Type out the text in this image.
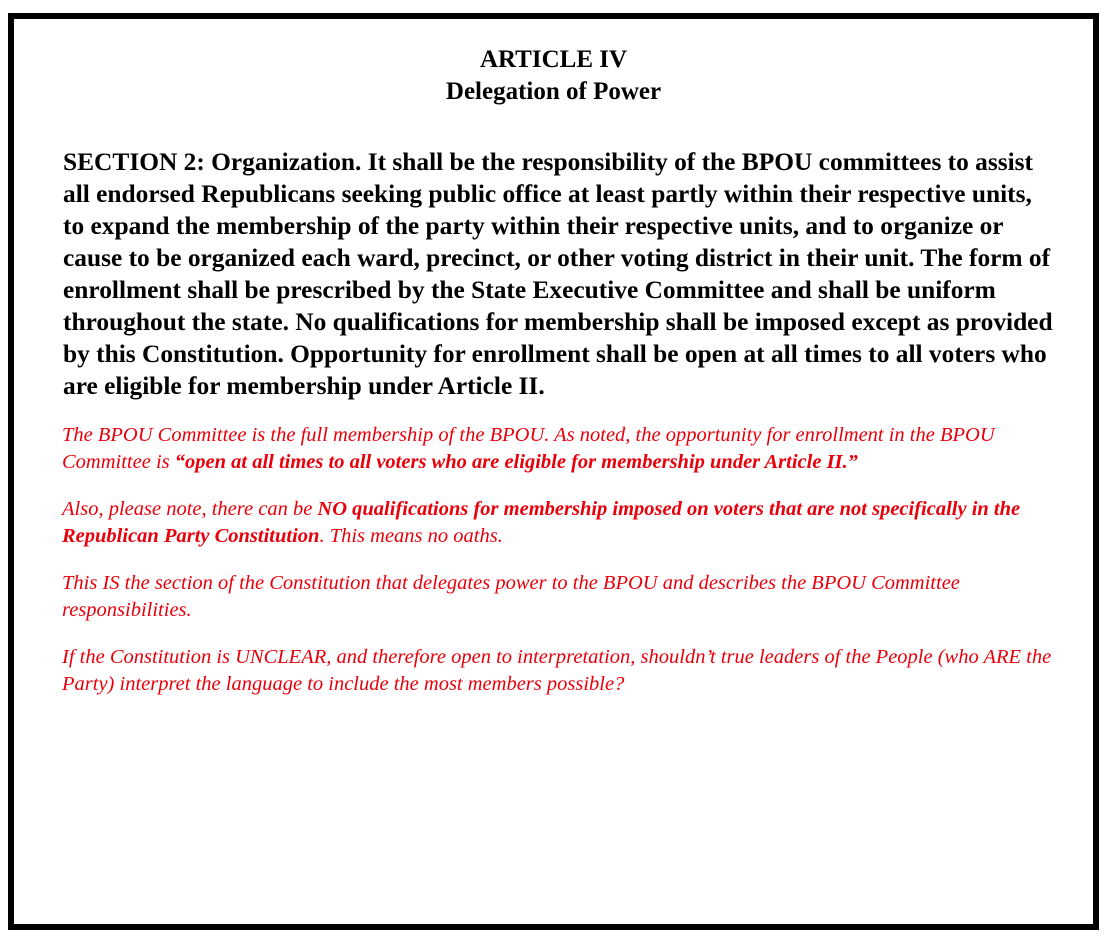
ARTICLE IV
Delegation of Power
SECTION 2: Organization. It shall be the responsibility of the BPOU committees to assist all endorsed Republicans seeking public office at least partly within their respective units, to expand the membership of the party within their respective units, and to organize or cause to be organized each ward, precinct, or other voting district in their unit. The form of enrollment shall be prescribed by the State Executive Committee and shall be uniform throughout the state. No qualifications for membership shall be imposed except as provided by this Constitution. Opportunity for enrollment shall be open at all times to all voters who are eligible for membership under Article II.

The BPOU Committee is the full membership of the BPOU. As noted, the opportunity for enrollment in the BPOU Committee is “open at all times to all voters who are eligible for membership under Article II.”

Also, please note, there can be NO qualifications for membership imposed on voters that are not specifically in the Republican Party Constitution. This means no oaths.

This IS the section of the Constitution that delegates power to the BPOU and describes the BPOU Committee responsibilities.

If the Constitution is UNCLEAR, and therefore open to interpretation, shouldn’t true leaders of the People (who ARE the Party) interpret the language to include the most members possible?
